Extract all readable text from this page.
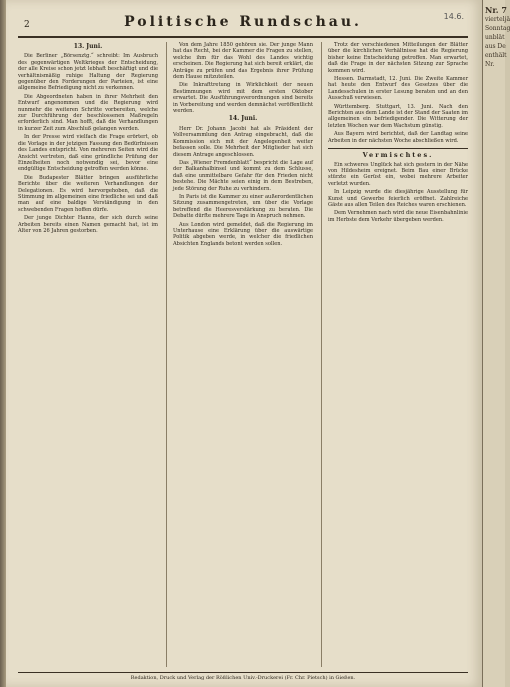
2	Politische Rundschau.	14.6.
13. Juni.

Die Berliner „Börsenztg.“ schreibt: Im Ausbruch des gegenwärtigen Weltkrieges der Entscheidung, der alle Kreise schon jetzt lebhaft beschäftigt und die verhältnismäßig ruhige Haltung der Regierung gegenüber den Forderungen der Parteien, ist eine allgemeine Befriedigung nicht zu verkennen.

Die Abgeordneten haben in ihrer Mehrheit den Entwurf angenommen und die Regierung wird nunmehr die weiteren Schritte vorbereiten, welche zur Durchführung der beschlossenen Maßregeln erforderlich sind. Man hofft, daß die Verhandlungen in kurzer Zeit zum Abschluß gelangen werden.

In der Presse wird vielfach die Frage erörtert, ob die Vorlage in der jetzigen Fassung den Bedürfnissen des Landes entspricht. Von mehreren Seiten wird die Ansicht vertreten, daß eine gründliche Prüfung der Einzelheiten noch notwendig sei, bevor eine endgültige Entscheidung getroffen werden könne.

Die Budapester Blätter bringen ausführliche Berichte über die weiteren Verhandlungen der Delegationen. Es wird hervorgehoben, daß die Stimmung im allgemeinen eine friedliche sei und daß man auf eine baldige Verständigung in den schwebenden Fragen hoffen dürfe.

Der junge Dichter Hanns, der sich durch seine Arbeiten bereits einen Namen gemacht hat, ist im Alter von 26 Jahren gestorben.

Von dem Jahre 1850 gehören sie. Der junge Mann hat das Recht, bei der Kammer die Fragen zu stellen, welche ihm für das Wohl des Landes wichtig erscheinen. Die Regierung hat sich bereit erklärt, die Anträge zu prüfen und das Ergebnis ihrer Prüfung dem Hause mitzuteilen.

Die Inkrafttretung in Wirklichkeit der neuen Bestimmungen wird mit dem ersten Oktober erwartet. Die Ausführungsverordnungen sind bereits in Vorbereitung und werden demnächst veröffentlicht werden.

14. Juni.

Herr Dr. Johann Jacobi hat als Präsident der Vollversammlung den Antrag eingebracht, daß die Kommission sich mit der Angelegenheit weiter befassen solle. Die Mehrheit der Mitglieder hat sich diesem Antrage angeschlossen.

Das „Wiener Fremdenblatt“ bespricht die Lage auf der Balkanhalbinsel und kommt zu dem Schlusse, daß eine unmittelbare Gefahr für den Frieden nicht bestehe. Die Mächte seien einig in dem Bestreben, jede Störung der Ruhe zu verhindern.

In Paris ist die Kammer zu einer außerordentlichen Sitzung zusammengetreten, um über die Vorlage betreffend die Heeresverstärkung zu beraten. Die Debatte dürfte mehrere Tage in Anspruch nehmen.

Aus London wird gemeldet, daß die Regierung im Unterhause eine Erklärung über die auswärtige Politik abgeben werde, in welcher die friedlichen Absichten Englands betont werden sollen.

Trotz der verschiedenen Mitteilungen der Blätter über die kirchlichen Verhältnisse hat die Regierung bisher keine Entscheidung getroffen. Man erwartet, daß die Frage in der nächsten Sitzung zur Sprache kommen wird.

Hessen. Darmstadt, 12. Juni. Die Zweite Kammer hat heute den Entwurf des Gesetzes über die Landesschulen in erster Lesung beraten und an den Ausschuß verwiesen.

Württemberg. Stuttgart, 13. Juni. Nach den Berichten aus dem Lande ist der Stand der Saaten im allgemeinen ein befriedigender. Die Witterung der letzten Wochen war dem Wachstum günstig.

Aus Bayern wird berichtet, daß der Landtag seine Arbeiten in der nächsten Woche abschließen wird.

Vermischtes.

Ein schweres Unglück hat sich gestern in der Nähe von Hildesheim ereignet. Beim Bau einer Brücke stürzte ein Gerüst ein, wobei mehrere Arbeiter verletzt wurden.

In Leipzig wurde die diesjährige Ausstellung für Kunst und Gewerbe feierlich eröffnet. Zahlreiche Gäste aus allen Teilen des Reiches waren erschienen.

Dem Vernehmen nach wird die neue Eisenbahnlinie im Herbste dem Verkehr übergeben werden.

Redaktion, Druck und Verlag der Rößlichen Univ.-Druckerei (Fr. Chr. Pietsch) in Gießen.
Nr. 7
vierteljä
Sonntag
unblät
aus De
enthält
Nr.
